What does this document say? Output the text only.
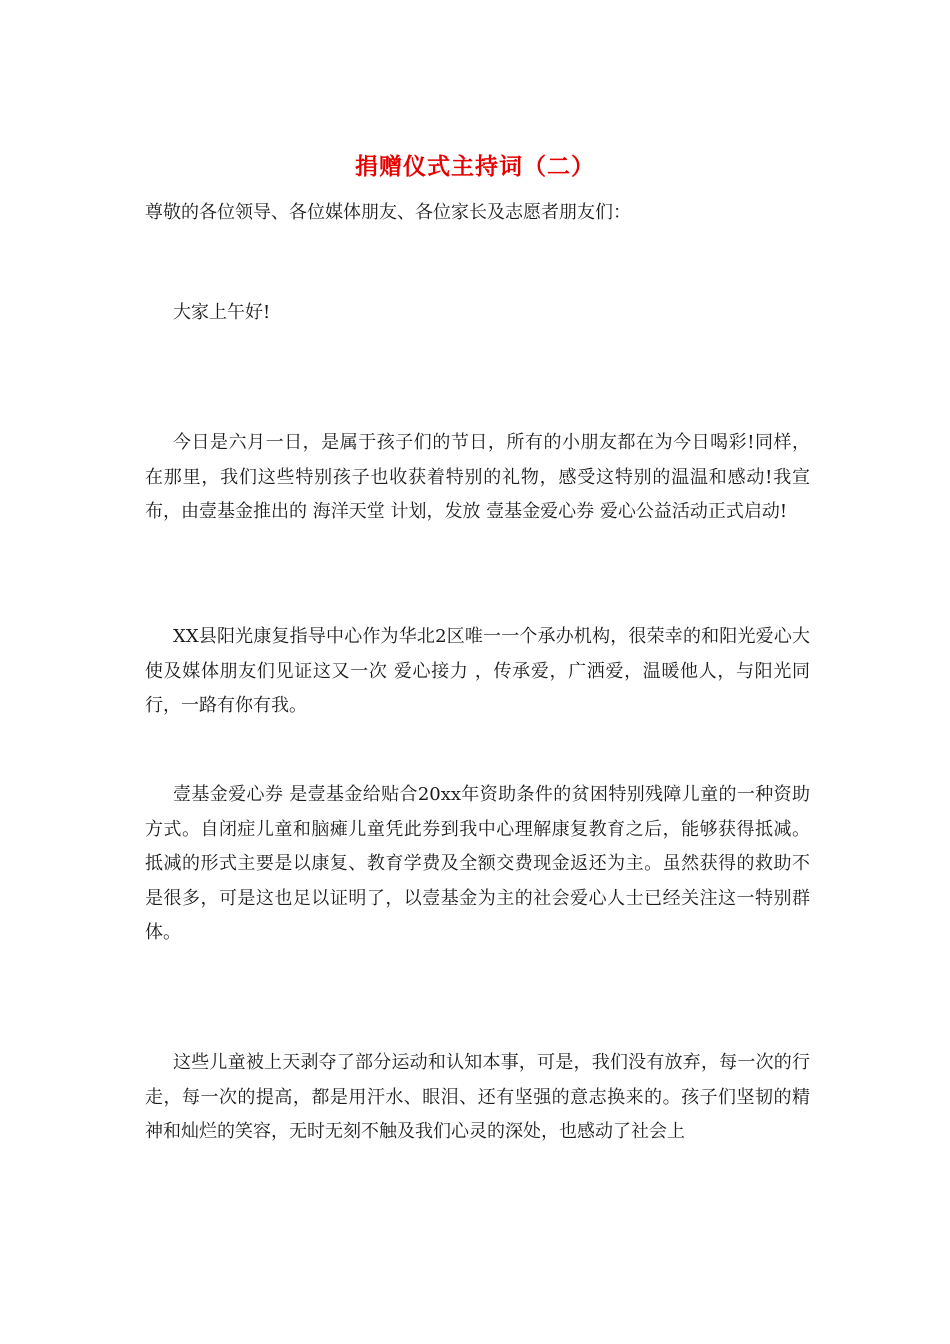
捐赠仪式主持词（二）
尊敬的各位领导、各位媒体朋友、各位家长及志愿者朋友们：

大家上午好!

今日是六月一日，是属于孩子们的节日，所有的小朋友都在为今日喝彩!同样，在那里，我们这些特别孩子也收获着特别的礼物，感受这特别的温温和感动!我宣布，由壹基金推出的 海洋天堂 计划，发放 壹基金爱心券 爱心公益活动正式启动!

XX县阳光康复指导中心作为华北2区唯一一个承办机构，很荣幸的和阳光爱心大使及媒体朋友们见证这又一次 爱心接力 ，传承爱，广洒爱，温暖他人，与阳光同行，一路有你有我。

壹基金爱心券 是壹基金给贴合20xx年资助条件的贫困特别残障儿童的一种资助方式。自闭症儿童和脑瘫儿童凭此券到我中心理解康复教育之后，能够获得抵减。抵减的形式主要是以康复、教育学费及全额交费现金返还为主。虽然获得的救助不是很多，可是这也足以证明了，以壹基金为主的社会爱心人士已经关注这一特别群体。

这些儿童被上天剥夺了部分运动和认知本事，可是，我们没有放弃，每一次的行走，每一次的提高，都是用汗水、眼泪、还有坚强的意志换来的。孩子们坚韧的精神和灿烂的笑容，无时无刻不触及我们心灵的深处，也感动了社会上
